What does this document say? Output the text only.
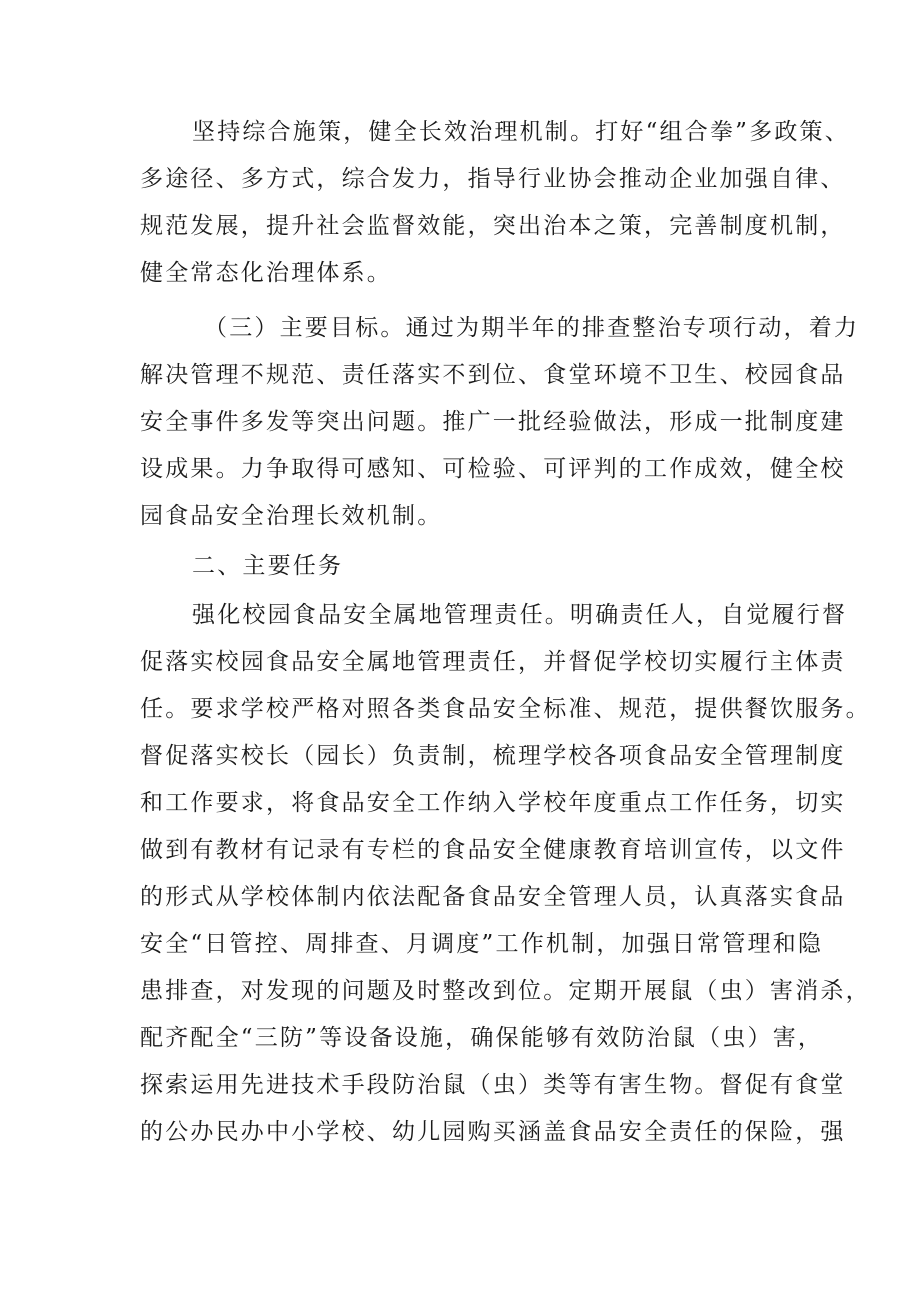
坚持综合施策，健全长效治理机制。打好“组合拳”多政策、
多途径、多方式，综合发力，指导行业协会推动企业加强自律、
规范发展，提升社会监督效能，突出治本之策，完善制度机制，
健全常态化治理体系。
（三）主要目标。通过为期半年的排查整治专项行动，着力
解决管理不规范、责任落实不到位、食堂环境不卫生、校园食品
安全事件多发等突出问题。推广一批经验做法，形成一批制度建
设成果。力争取得可感知、可检验、可评判的工作成效，健全校
园食品安全治理长效机制。
二、主要任务
强化校园食品安全属地管理责任。明确责任人，自觉履行督
促落实校园食品安全属地管理责任，并督促学校切实履行主体责
任。要求学校严格对照各类食品安全标准、规范，提供餐饮服务。
督促落实校长（园长）负责制，梳理学校各项食品安全管理制度
和工作要求，将食品安全工作纳入学校年度重点工作任务，切实
做到有教材有记录有专栏的食品安全健康教育培训宣传，以文件
的形式从学校体制内依法配备食品安全管理人员，认真落实食品
安全“日管控、周排查、月调度”工作机制，加强日常管理和隐
患排查，对发现的问题及时整改到位。定期开展鼠（虫）害消杀，
配齐配全“三防”等设备设施，确保能够有效防治鼠（虫）害，
探索运用先进技术手段防治鼠（虫）类等有害生物。督促有食堂
的公办民办中小学校、幼儿园购买涵盖食品安全责任的保险，强
